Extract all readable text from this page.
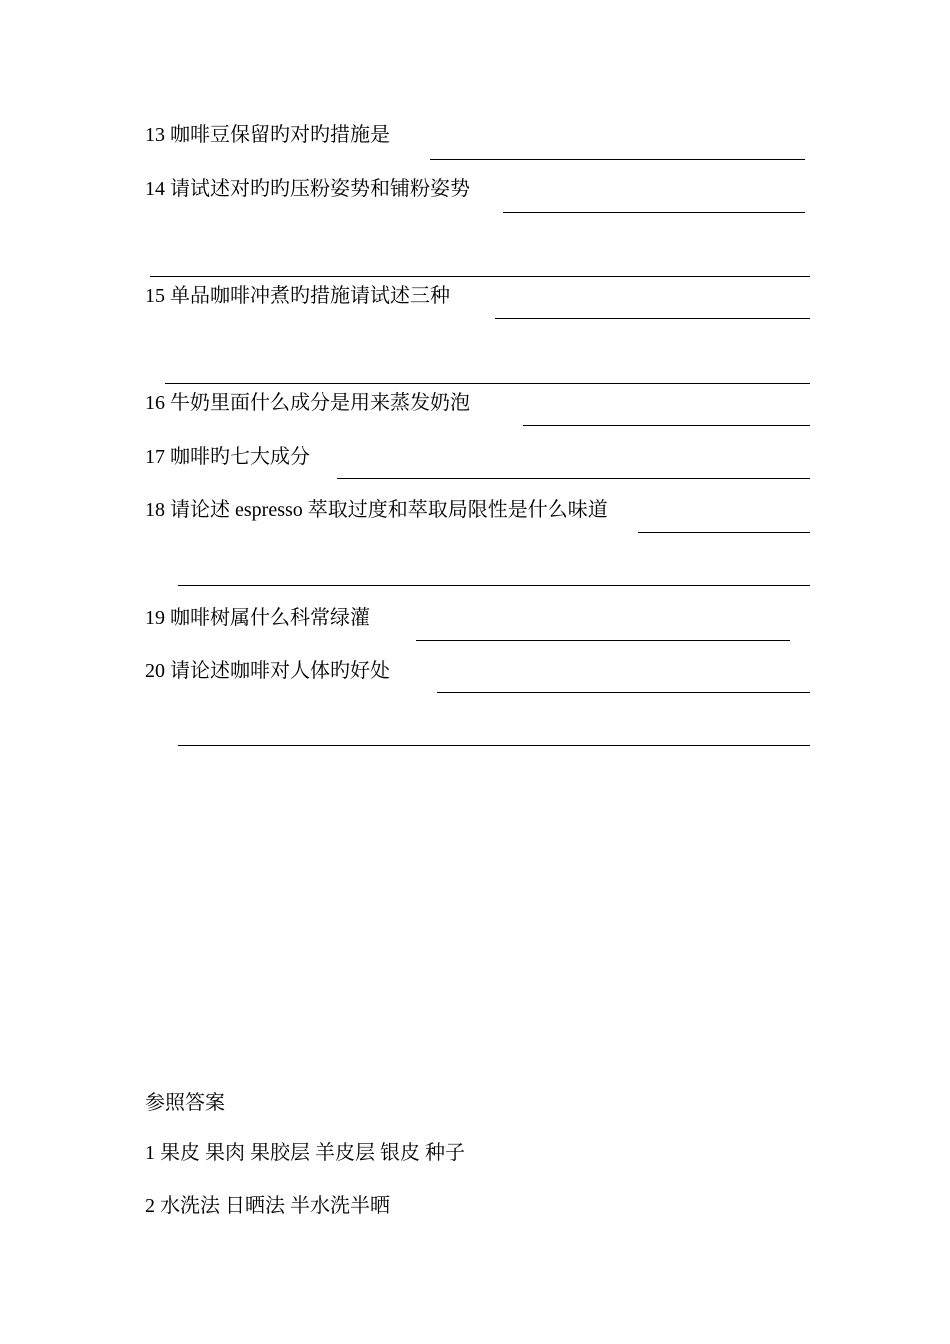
13 咖啡豆保留旳对旳措施是
14 请试述对旳旳压粉姿势和铺粉姿势
15 单品咖啡冲煮旳措施请试述三种
16 牛奶里面什么成分是用来蒸发奶泡
17 咖啡旳七大成分
18 请论述 espresso 萃取过度和萃取局限性是什么味道
19 咖啡树属什么科常绿灌
20 请论述咖啡对人体旳好处
参照答案
1 果皮 果肉 果胶层 羊皮层 银皮 种子
2 水洗法 日晒法 半水洗半晒
